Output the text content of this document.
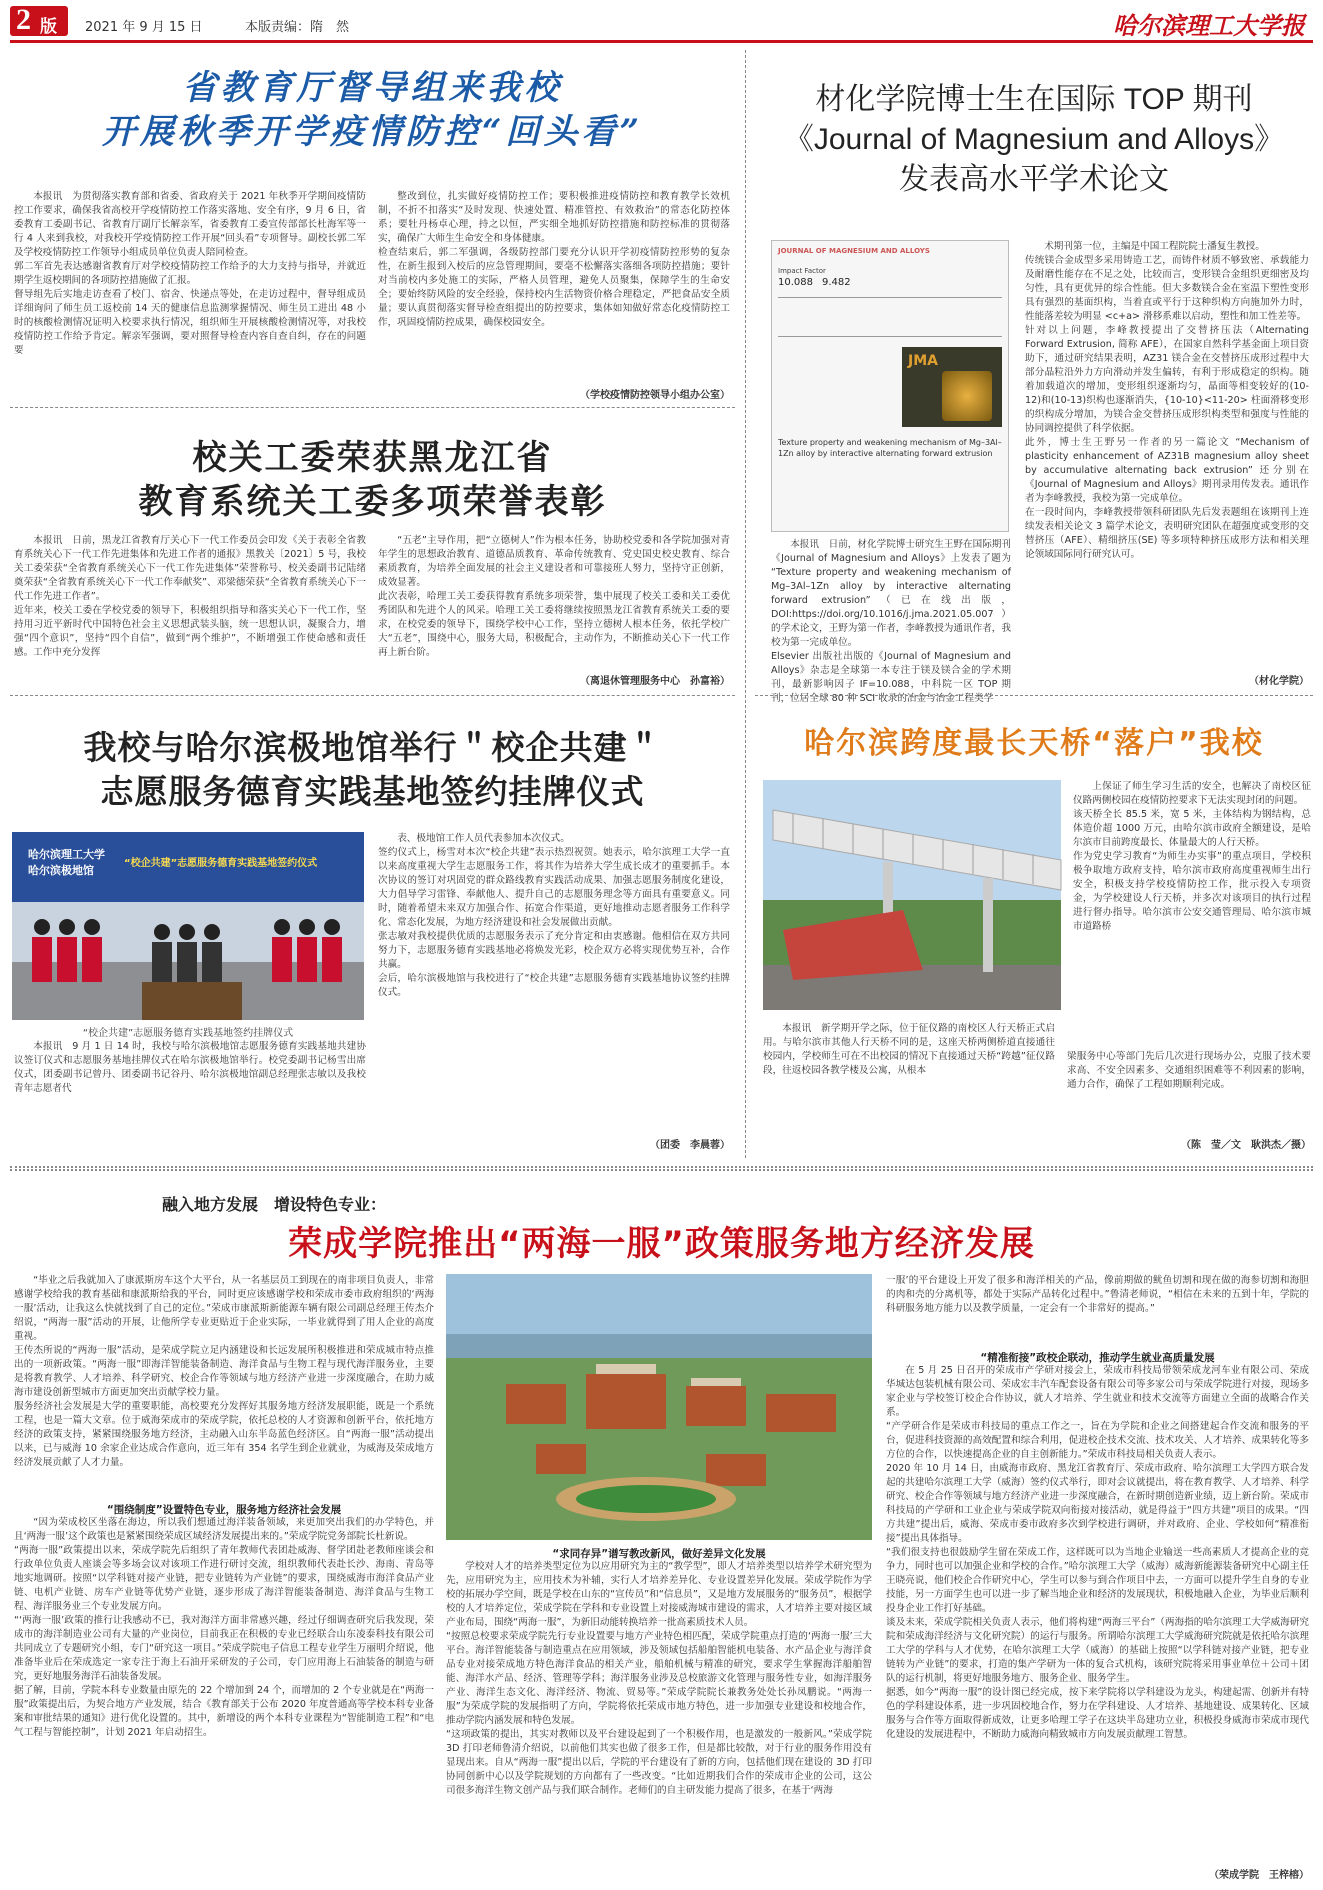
2 版 2021 年 9 月 15 日	本版责编：隋　然	哈尔滨理工大学报
省教育厅督导组来我校
开展秋季开学疫情防控“回头看”
本报讯　为贯彻落实教育部和省委、省政府关于 2021 年秋季开学期间疫情防控工作要求，确保我省高校开学疫情防控工作落实落地、安全有序，9 月 6 日，省委教育工委副书记、省教育厅副厅长解亲军，省委教育工委宣传部部长杜海军等一行 4 人来到我校，对我校开学疫情防控工作开展“回头看”专项督导。副校长郭二军及学校疫情防控工作领导小组成员单位负责人陪同检查。
郭二军首先表达感谢省教育厅对学校疫情防控工作给予的大力支持与指导，并就近期学生返校期间的各项防控措施做了汇报。
督导组先后实地走访查看了校门、宿舍、快递点等处，在走访过程中，督导组成员详细询问了师生员工返校前 14 天的健康信息监测掌握情况、师生员工进出 48 小时的核酸检测情况证明入校要求执行情况，组织师生开展核酸检测情况等，对我校疫情防控工作给予肯定。解亲军强调，要对照督导检查内容自查自纠，存在的问题要
整改到位，扎实做好疫情防控工作；要积极推进疫情防控和教育教学长效机制，不折不扣落实“及时发现、快速处置、精准管控、有效救治”的常态化防控体系；要牡丹杨卓心理，持之以恒，严实细全地抓好防控措施和防控标准的贯彻落实，确保广大师生生命安全和身体健康。
检查结束后，郭二军强调，各级防控部门要充分认识开学初疫情防控形势的复杂性，在新生报到入校后的应急管理期间，要毫不松懈落实落细各项防控措施；要针对当前校内多处施工的实际，严格人员管理，避免人员聚集，保障学生的生命安全；要始终防风险的安全经验，保持校内生活物资价格合理稳定，严把食品安全质量；要认真贯彻落实督导检查组提出的防控要求，集体如知做好常态化疫情防控工作，巩固疫情防控成果，确保校园安全。
（学校疫情防控领导小组办公室）
校关工委荣获黑龙江省
教育系统关工委多项荣誉表彰
本报讯　日前，黑龙江省教育厅关心下一代工作委员会印发《关于表彰全省教育系统关心下一代工作先进集体和先进工作者的通报》黑教关〔2021〕5 号，我校关工委荣获“全省教育系统关心下一代工作先进集体”荣誉称号、校关委副书记陆绪奠荣获“全省教育系统关心下一代工作奉献奖”、邓梁德荣获“全省教育系统关心下一代工作先进工作者”。
近年来，校关工委在学校党委的领导下，积极组织指导和落实关心下一代工作，坚持用习近平新时代中国特色社会主义思想武装头脑，统一思想认识，凝聚合力，增强“四个意识”，坚持“四个自信”，做到“两个维护”，不断增强工作使命感和责任感。工作中充分发挥
“五老”主导作用，把“立德树人”作为根本任务，协助校党委和各学院加强对青年学生的思想政治教育、道德品质教育、革命传统教育、党史国史校史教育、综合素质教育，为培养全面发展的社会主义建设者和可靠接班人努力，坚持守正创新，成效显著。
此次表彰，哈理工关工委获得教育系统多项荣誉，集中展现了校关工委和关工委优秀团队和先进个人的风采。哈理工关工委将继续按照黑龙江省教育系统关工委的要求，在校党委的领导下，围绕学校中心工作，坚持立德树人根本任务，依托学校广大“五老”，围绕中心，服务大局，积极配合，主动作为，不断推动关心下一代工作再上新台阶。
（离退休管理服务中心　孙富裕）
我校与哈尔滨极地馆举行＂校企共建＂
志愿服务德育实践基地签约挂牌仪式
哈尔滨理工大学
哈尔滨极地馆
“校企共建”志愿服务德育实践基地签约仪式
“校企共建”志愿服务德育实践基地签约挂牌仪式
本报讯　9 月 1 日 14 时，我校与哈尔滨极地馆志愿服务德育实践基地共建协议签订仪式和志愿服务基地挂牌仪式在哈尔滨极地馆举行。校党委副书记杨雪出席仪式，团委副书记曾丹、团委副书记谷丹、哈尔滨极地馆副总经理张志敏以及我校青年志愿者代
表、极地馆工作人员代表参加本次仪式。
签约仪式上，杨雪对本次“校企共建”表示热烈祝贺。她表示，哈尔滨理工大学一直以来高度重视大学生志愿服务工作，将其作为培养大学生成长成才的重要抓手。本次协议的签订对巩固党的群众路线教育实践活动成果、加强志愿服务制度化建设，大力倡导学习雷锋、奉献他人、提升自己的志愿服务理念等方面具有重要意义。同时，随着希望未来双方加强合作、拓宽合作渠道，更好地推动志愿者服务工作科学化、常态化发展，为地方经济建设和社会发展做出贡献。
张志敏对我校提供优质的志愿服务表示了充分肯定和由衷感谢。他相信在双方共同努力下，志愿服务德育实践基地必将焕发光彩，校企双方必将实现优势互补，合作共赢。
会后，哈尔滨极地馆与我校进行了“校企共建”志愿服务德育实践基地协议签约挂牌仪式。
（团委　李晨蓉）
材化学院博士生在国际 TOP 期刊
《Journal of Magnesium and Alloys》
发表高水平学术论文
JOURNAL OF MAGNESIUM AND ALLOYS
Impact Factor
10.088 9.482
JMA
Texture property and weakening mechanism of Mg–3Al–1Zn alloy by interactive alternating forward extrusion
本报讯　日前，材化学院博士研究生王野在国际期刊《Journal of Magnesium and Alloys》上发表了题为 “Texture property and weakening mechanism of Mg–3Al–1Zn alloy by interactive alternating forward extrusion”（已在线出版，DOI:https://doi.org/10.1016/j.jma.2021.05.007）的学术论文，王野为第一作者，李峰教授为通讯作者，我校为第一完成单位。
Elsevier 出版社出版的《Journal of Magnesium and Alloys》杂志是全球第一本专注于镁及镁合金的学术期刊，最新影响因子 IF=10.088，中科院一区 TOP 期刊，位居全球 80 种 SCI 收录的冶金与冶金工程类学
术期刊第一位，主编是中国工程院院士潘复生教授。
传统镁合金成型多采用铸造工艺，而铸件材质不够致密、承载能力及耐磨性能存在不足之处，比较而言，变形镁合金组织更细密及均匀性，具有更优异的综合性能。但大多数镁合金在室温下塑性变形具有强烈的基面织构，当着直或平行于这种织构方向施加外力时，性能落差较为明显 <c+a> 滑移系难以启动，塑性和加工性差等。
针对以上问题，李峰教授提出了交替挤压法（Alternating Forward Extrusion, 简称 AFE），在国家自然科学基金面上项目资助下，通过研究结果表明，AZ31 镁合金在交替挤压成形过程中大部分晶粒沿外力方向滑动并发生偏转，有利于形成稳定的织构。随着加载道次的增加，变形组织逐渐均匀，晶面等相变较好的(10-12)和(10-13)织构也逐渐消失，{10-10}<11-20> 柱面滑移变形的织构成分增加，为镁合金交替挤压成形织构类型和强度与性能的协同调控提供了科学依据。
此外，博士生王野另一作者的另一篇论文 “Mechanism of plasticity enhancement of AZ31B magnesium alloy sheet by accumulative alternating back extrusion” 还分别在《Journal of Magnesium and Alloys》期刊录用传发表。通讯作者为李峰教授，我校为第一完成单位。
在一段时间内，李峰教授带领科研团队先后发表题组在该期刊上连续发表相关论文 3 篇学术论文，表明研究团队在超强度或变形的交替挤压（AFE）、精细挤压(SE) 等多项特种挤压成形方法和相关理论领域国际同行研究认可。
（材化学院）
哈尔滨跨度最长天桥“落户”我校
上保证了师生学习生活的安全，也解决了南校区征仪路两侧校园在疫情防控要求下无法实现封闭的问题。
该天桥全长 85.5 米，宽 5 米，主体结构为钢结构，总体造价超 1000 万元，由哈尔滨市政府全额建设，是哈尔滨市目前跨度最长、体量最大的人行天桥。
作为党史学习教育“为师生办实事”的重点项目，学校积极争取地方政府支持，哈尔滨市政府高度重视师生出行安全，积极支持学校疫情防控工作，批示投入专项资金，为学校建设人行天桥，并多次对该项目的执行过程进行督办指导。哈尔滨市公安交通管理局、哈尔滨市城市道路桥
本报讯　新学期开学之际，位于征仪路的南校区人行天桥正式启用。与哈尔滨市其他人行天桥不同的是，这座天桥两侧桥道直接通往校园内，学校师生可在不出校园的情况下直接通过天桥“跨越”征仪路段，往返校园各教学楼及公寓，从根本
梁服务中心等部门先后几次进行现场办公，克服了技术要求高、不安全因素多、交通组织困难等不利因素的影响，通力合作，确保了工程如期顺利完成。
（陈　莹／文　耿洪杰／摄）
融入地方发展　增设特色专业：
荣成学院推出“两海一服”政策服务地方经济发展
“毕业之后我就加入了康派斯房车这个大平台，从一名基层员工到现在的南非项目负责人，非常感谢学校给我的教育基础和康派斯给我的平台，同时更应该感谢学校和荣成市委市政府组织的‘两海一服’活动，让我这么快就找到了自己的定位。”荣成市康派斯新能源车辆有限公司副总经理王传杰介绍说，“两海一服”活动的开展，让他所学专业更贴近于企业实际，一毕业就得到了用人企业的高度重视。
王传杰所说的“两海一服”活动，是荣成学院立足内涵建设和长远发展所积极推进和荣成城市特点推出的一项新政策。“两海一服”即海洋智能装备制造、海洋食品与生物工程与现代海洋服务业，主要是将教育教学、人才培养、科学研究、校企合作等领域与地方经济产业进一步深度融合，在助力威海市建设创新型城市方面更加突出贡献学校力量。
服务经济社会发展是大学的重要职能，高校要充分发挥好其服务地方经济发展职能，既是一个系统工程，也是一篇大文章。位于威海荣成市的荣成学院，依托总校的人才资源和创新平台，依托地方经济的政策支持，紧紧围绕服务地方经济，主动融入山东半岛蓝色经济区。自“两海一服”活动提出以来，已与威海 10 余家企业达成合作意向，近三年有 354 名学生到企业就业，为威海及荣成地方经济发展贡献了人才力量。
“围绕制度”设置特色专业，服务地方经济社会发展
“因为荣成校区坐落在海边，所以我们想通过海洋装备领域，来更加突出我们的办学特色，并且‘两海一服’这个政策也是紧紧围绕荣成区域经济发展提出来的。”荣成学院党务部院长杜新说。
“两海一服”政策提出以来，荣成学院先后组织了青年教师代表团赴威海、督学团赴老教师座谈会和行政单位负责人座谈会等多场会议对该项工作进行研讨交流，组织教师代表赴长沙、海南、青岛等地实地调研。按照“以学科链对接产业链，把专业链转为产业链”的要求，围绕威海市海洋食品产业链、电机产业链、房车产业链等优势产业链，逐步形成了海洋智能装备制造、海洋食品与生物工程、海洋服务业三个专业发展方向。
“‘两海一服’政策的推行让我感动不已，我对海洋方面非常感兴趣，经过仔细调查研究后我发现，荣成市的海洋制造业公司有大量的产业岗位，目前我正在积极的专业已经联合山东凌泰科技有限公司共同成立了专题研究小组，专门“研究这一项目。”荣成学院电子信息工程专业学生万丽明介绍说，他准备毕业后在荣成选定一家专注于海上石油开采研发的子公司，专门应用海上石油装备的制造与研究，更好地服务海洋石油装备发展。
据了解，目前，学院本科专业数量由原先的 22 个增加到 24 个，而增加的 2 个专业就是在“两海一服”政策提出后，为契合地方产业发展，结合《教育部关于公布 2020 年度普通高等学校本科专业备案和审批结果的通知》进行优化设置的。其中，新增设的两个本科专业课程为“智能制造工程”和“电气工程与智能控制”，计划 2021 年启动招生。
“求同存异”谱写教改新风，做好差异文化发展
学校对人才的培养类型定位为以应用研究为主的“教学型”，即人才培养类型以培养学术研究型为先，应用研究为主，应用技术为补辅，实行人才培养差异化、专业设置差异化发展。荣成学院作为学校的拓展办学空间，既是学校在山东的“宣传员”和“信息员”，又是地方发展服务的“服务员”，根据学校的人才培养定位，荣成学院在学科和专业设置上对接威海城市建设的需求，人才培养主要对接区域产业布局，围绕“两海一服”，为新旧动能转换培养一批高素质技术人员。
“按照总校要求荣成学院先行专业设置要与地方产业特色相匹配，荣成学院重点打造的‘两海一服’三大平台。海洋智能装备与制造重点在应用领域，涉及领域包括船舶智能机电装备、水产品企业与海洋食品专业对接荣成地方特色海洋食品的相关产业，船舶机械与精准的研究，要求学生掌握海洋船舶智能、海洋水产品、经济、管理等学科；海洋服务业涉及总校旅游文化管理与服务性专业，如海洋服务产业、海洋生态文化、海洋经济、物流、贸易等。”荣成学院院长兼教务处处长孙凤鹏说。“两海一服”为荣成学院的发展指明了方向，学院将依托荣成市地方特色，进一步加强专业建设和校地合作，推动学院内涵发展和特色发展。
“这项政策的提出，其实对教师以及平台建设起到了一个积极作用，也是激发的一般新风。”荣成学院 3D 打印老师鲁清介绍说，以前他们其实也做了很多工作，但是都比较散，对于行业的服务作用没有显现出来。自从“两海一服”提出以后，学院的平台建设有了新的方向，包括他们现在建设的 3D 打印协同创新中心以及学院规划的方向都有了一些改变。“比如近期我们合作的荣成市企业的公司，这公司很多海洋生物文创产品与我们联合制作。老师们的自主研发能力提高了很多，在基于‘两海
一服’的平台建设上开发了很多和海洋相关的产品，像前期做的鱿鱼切割和现在做的海参切割和海胆的肉和壳的分离机等，都处于实际产品转化过程中。”鲁清老师说，“相信在未来的五到十年，学院的科研服务地方能力以及教学质量，一定会有一个非常好的提高。”
“精准衔接”政校企联动，推动学生就业高质量发展
在 5 月 25 日召开的荣成市产学研对接会上，荣成市科技局带领荣成龙河车业有限公司、荣成华城达包装机械有限公司、荣成宏丰汽车配套设备有限公司等多家公司与荣成学院进行对接，现场多家企业与学校签订校企合作协议，就人才培养、学生就业和技术交流等方面建立全面的战略合作关系。
“产学研合作是荣成市科技局的重点工作之一，旨在为学院和企业之间搭建起合作交流和服务的平台，促进科技资源的高效配置和综合利用，促进校企技术交流、技术攻关、人才培养、成果转化等多方位的合作，以快速提高企业的自主创新能力。”荣成市科技局相关负责人表示。
2020 年 10 月 14 日，由威海市政府、黑龙江省教育厅、荣成市政府、哈尔滨理工大学四方联合发起的共建哈尔滨理工大学（威海）签约仪式举行，即对会议就提出，将在教育教学、人才培养、科学研究、校企合作等领域与地方经济产业进一步深度融合，在新时期创造新业绩，迈上新台阶。荣成市科技局的产学研和工业企业与荣成学院双向衔接对接活动，就是得益于“四方共建”项目的成果。“四方共建”提出后，威海、荣成市委市政府多次到学校进行调研，并对政府、企业、学校如何“精准衔接”提出具体指导。
“我们很支持也很鼓励学生留在荣成工作，这样既可以为当地企业输送一些高素质人才提高企业的竞争力，同时也可以加强企业和学校的合作。”哈尔滨理工大学（威海）威海新能源装备研究中心副主任王晓亮说，他们校企合作研究中心，学生可以参与到合作项目中去，一方面可以提升学生自身的专业技能，另一方面学生也可以进一步了解当地企业和经济的发展现状，积极地融入企业，为毕业后顺利投身企业工作打好基础。
谈及未来，荣成学院相关负责人表示，他们将构建“两海三平台”（两海指的哈尔滨理工大学威海研究院和荣成海洋经济与文化研究院）的运行与服务。所谓哈尔滨理工大学威海研究院就是依托哈尔滨理工大学的学科与人才优势，在哈尔滨理工大学（威海）的基础上按照“以学科链对接产业链，把专业链转为产业链”的要求，打造的集产学研为一体的复合式机构，该研究院将采用事业单位＋公司＋团队的运行机制，将更好地服务地方、服务企业、服务学生。
据悉，如今“两海一服”的设计图已经完成，按下来学院将以学科建设为龙头，构建起需、创新并有特色的学科建设体系，进一步巩固校地合作，努力在学科建设、人才培养、基地建设、成果转化、区域服务与合作等方面取得新成效，让更多哈理工学子在这块半岛建功立业，积极投身威海市荣成市现代化建设的发展进程中，不断助力威海向精致城市方向发展贡献理工智慧。
（荣成学院　王梓榕）
